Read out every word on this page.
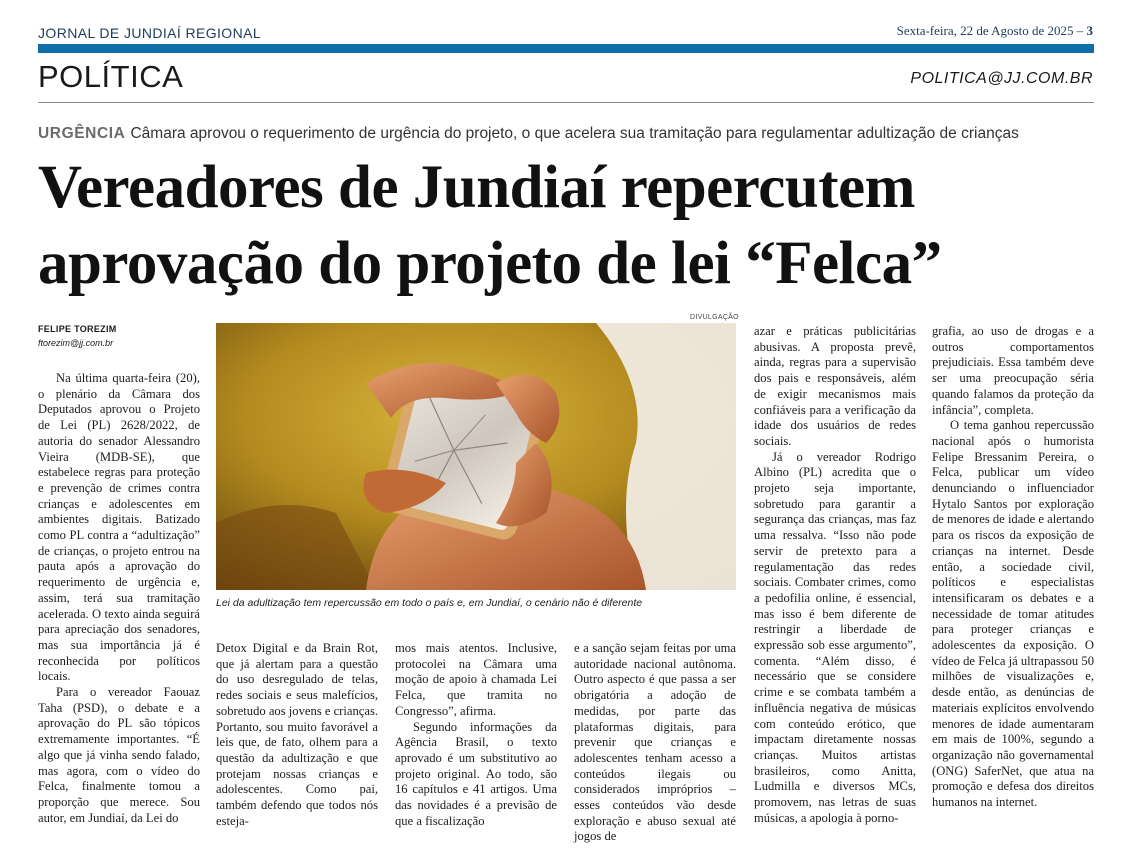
JORNAL DE JUNDIAÍ REGIONAL	Sexta-feira, 22 de Agosto de 2025 – 3
POLÍTICA	POLITICA@JJ.COM.BR
URGÊNCIA Câmara aprovou o requerimento de urgência do projeto, o que acelera sua tramitação para regulamentar adultização de crianças
Vereadores de Jundiaí repercutem
aprovação do projeto de lei “Felca”
FELIPE TOREZIM
ftorezim@jj.com.br
DIVULGAÇÃO
Lei da adultização tem repercussão em todo o país e, em Jundiaí, o cenário não é diferente

Na última quarta-feira (20), o plenário da Câmara dos Deputados aprovou o Projeto de Lei (PL) 2628/2022, de autoria do senador Alessandro Vieira (MDB-SE), que estabelece regras para proteção e prevenção de crimes contra crianças e adolescentes em ambientes digitais. Batizado como PL contra a “adultização” de crianças, o projeto entrou na pauta após a aprovação do requerimento de urgência e, assim, terá sua tramitação acelerada. O texto ainda seguirá para apreciação dos senadores, mas sua importância já é reconhecida por políticos locais.

Para o vereador Faouaz Taha (PSD), o debate e a aprovação do PL são tópicos extremamente importantes. “É algo que já vinha sendo falado, mas agora, com o vídeo do Felca, finalmente tomou a proporção que merece. Sou autor, em Jundiaí, da Lei do

Detox Digital e da Brain Rot, que já alertam para a questão do uso desregulado de telas, redes sociais e seus malefícios, sobretudo aos jovens e crianças. Portanto, sou muito favorável a leis que, de fato, olhem para a questão da adultização e que protejam nossas crianças e adolescentes. Como pai, também defendo que todos nós esteja-

mos mais atentos. Inclusive, protocolei na Câmara uma moção de apoio à chamada Lei Felca, que tramita no Congresso”, afirma.

Segundo informações da Agência Brasil, o texto aprovado é um substitutivo ao projeto original. Ao todo, são 16 capítulos e 41 artigos. Uma das novidades é a previsão de que a fiscalização

e a sanção sejam feitas por uma autoridade nacional autônoma. Outro aspecto é que passa a ser obrigatória a adoção de medidas, por parte das plataformas digitais, para prevenir que crianças e adolescentes tenham acesso a conteúdos ilegais ou considerados impróprios – esses conteúdos vão desde exploração e abuso sexual até jogos de

azar e práticas publicitárias abusivas. A proposta prevê, ainda, regras para a supervisão dos pais e responsáveis, além de exigir mecanismos mais confiáveis para a verificação da idade dos usuários de redes sociais.

Já o vereador Rodrigo Albino (PL) acredita que o projeto seja importante, sobretudo para garantir a segurança das crianças, mas faz uma ressalva. “Isso não pode servir de pretexto para a regulamentação das redes sociais. Combater crimes, como a pedofilia online, é essencial, mas isso é bem diferente de restringir a liberdade de expressão sob esse argumento”, comenta. “Além disso, é necessário que se considere crime e se combata também a influência negativa de músicas com conteúdo erótico, que impactam diretamente nossas crianças. Muitos artistas brasileiros, como Anitta, Ludmilla e diversos MCs, promovem, nas letras de suas músicas, a apologia à porno-

grafia, ao uso de drogas e a outros comportamentos prejudiciais. Essa também deve ser uma preocupação séria quando falamos da proteção da infância”, completa.

O tema ganhou repercussão nacional após o humorista Felipe Bressanim Pereira, o Felca, publicar um vídeo denunciando o influenciador Hytalo Santos por exploração de menores de idade e alertando para os riscos da exposição de crianças na internet. Desde então, a sociedade civil, políticos e especialistas intensificaram os debates e a necessidade de tomar atitudes para proteger crianças e adolescentes da exposição. O vídeo de Felca já ultrapassou 50 milhões de visualizações e, desde então, as denúncias de materiais explícitos envolvendo menores de idade aumentaram em mais de 100%, segundo a organização não governamental (ONG) SaferNet, que atua na promoção e defesa dos direitos humanos na internet.
